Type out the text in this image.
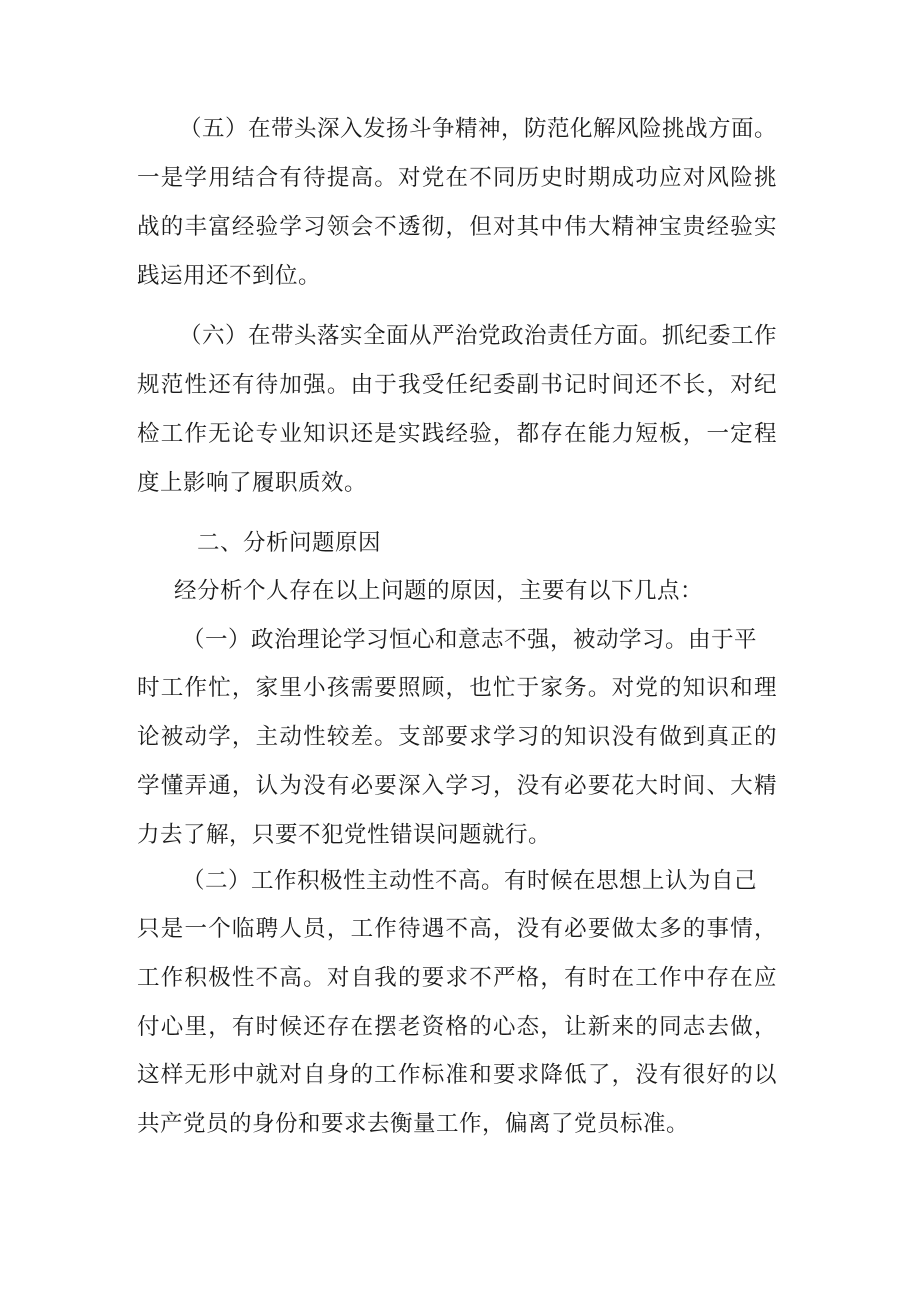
（五）在带头深入发扬斗争精神，防范化解风险挑战方面。
一是学用结合有待提高。对党在不同历史时期成功应对风险挑
战的丰富经验学习领会不透彻，但对其中伟大精神宝贵经验实
践运用还不到位。
（六）在带头落实全面从严治党政治责任方面。抓纪委工作
规范性还有待加强。由于我受任纪委副书记时间还不长，对纪
检工作无论专业知识还是实践经验，都存在能力短板，一定程
度上影响了履职质效。
二、分析问题原因
经分析个人存在以上问题的原因，主要有以下几点：
（一）政治理论学习恒心和意志不强，被动学习。由于平
时工作忙，家里小孩需要照顾，也忙于家务。对党的知识和理
论被动学，主动性较差。支部要求学习的知识没有做到真正的
学懂弄通，认为没有必要深入学习，没有必要花大时间、大精
力去了解，只要不犯党性错误问题就行。
（二）工作积极性主动性不高。有时候在思想上认为自己
只是一个临聘人员，工作待遇不高，没有必要做太多的事情，
工作积极性不高。对自我的要求不严格，有时在工作中存在应
付心里，有时候还存在摆老资格的心态，让新来的同志去做，
这样无形中就对自身的工作标准和要求降低了，没有很好的以
共产党员的身份和要求去衡量工作，偏离了党员标准。
